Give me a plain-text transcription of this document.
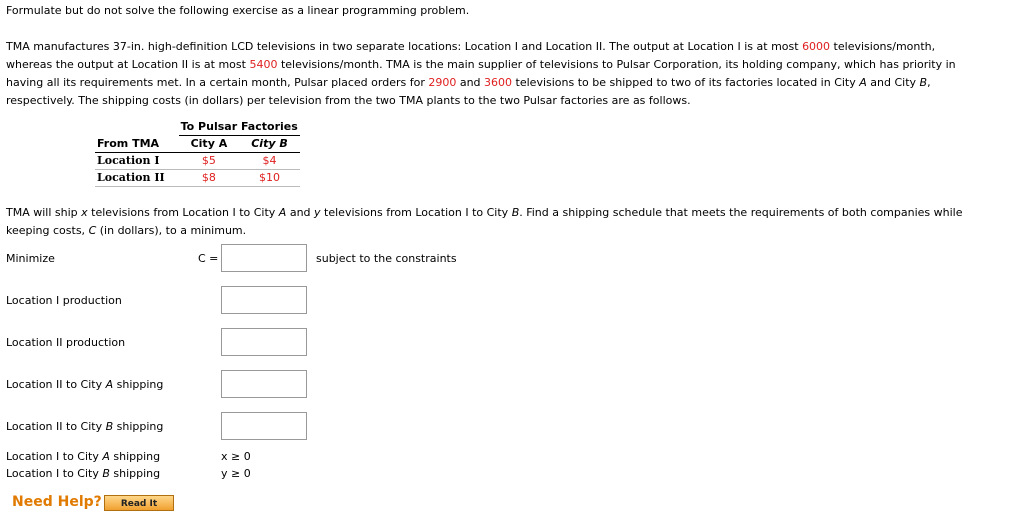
Formulate but do not solve the following exercise as a linear programming problem.
TMA manufactures 37-in. high-definition LCD televisions in two separate locations: Location I and Location II. The output at Location I is at most 6000 televisions/month,
whereas the output at Location II is at most 5400 televisions/month. TMA is the main supplier of televisions to Pulsar Corporation, its holding company, which has priority in
having all its requirements met. In a certain month, Pulsar placed orders for 2900 and 3600 televisions to be shipped to two of its factories located in City A and City B,
respectively. The shipping costs (in dollars) per television from the two TMA plants to the two Pulsar factories are as follows.
	To Pulsar Factories	
From TMA	City A	City B
Location I	$5	$4
Location II	$8	$10
TMA will ship x televisions from Location I to City A and y televisions from Location I to City B. Find a shipping schedule that meets the requirements of both companies while
keeping costs, C (in dollars), to a minimum.
Minimize	C =	subject to the constraints
Location I production
Location II production
Location II to City A shipping
Location II to City B shipping
Location I to City A shipping	x ≥ 0
Location I to City B shipping	y ≥ 0
Need Help?	Read It
